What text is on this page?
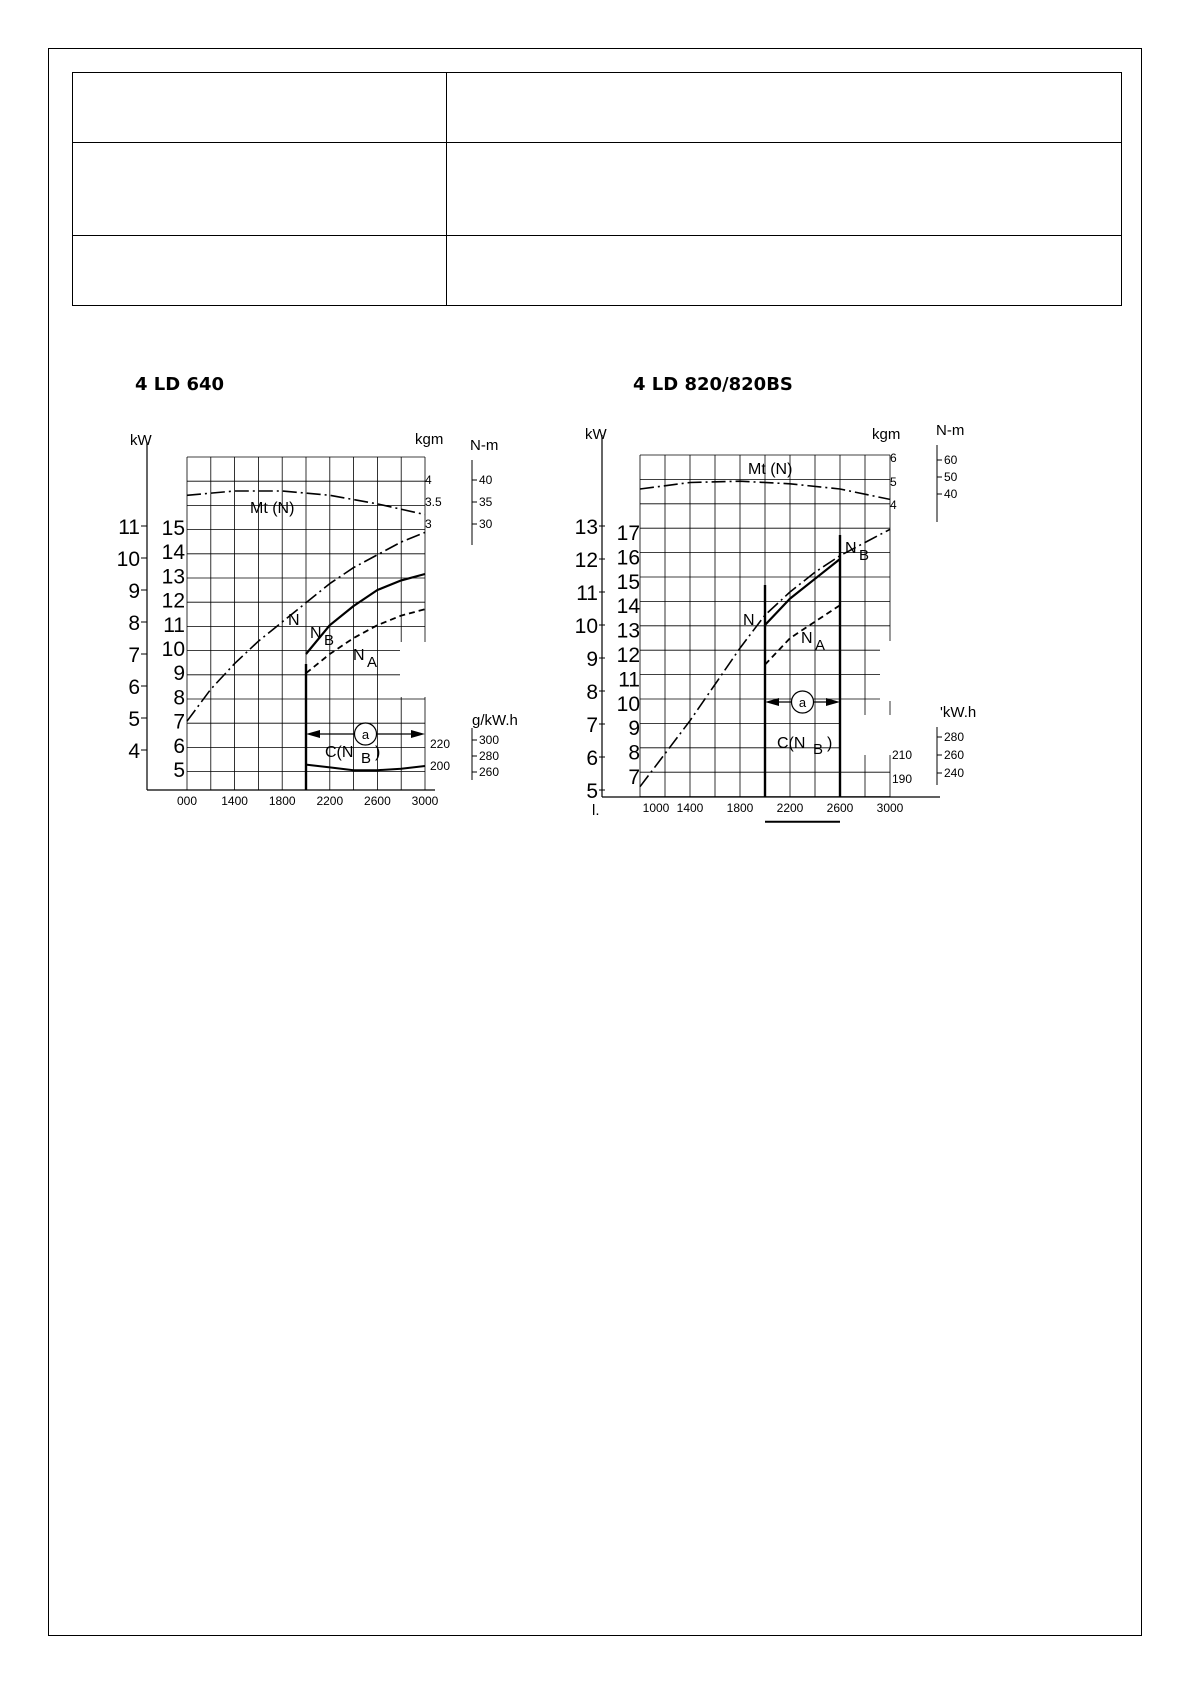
4 LD 640	4 LD 820/820BS
kW	kgm N-m
g/kW.h
4
5
6
7
8
9
10
11
5
6
7
8
9
10
11
12
13
14
15
4
3.5
3
40
35
30
220
200
300
280
260
000 1400 1800 2200 2600 3000
a
Mt (N)
N
N B
N A
C(N B )
kW	kgm N-m
'kW.h
5
6
7
8
9
10
11
12
13
7
8
9
10
11
12
13
14
15
16
17
6
5
4
60
50
40
210
190
280
260
240
1000 1400 1800 2200 2600 3000
l.
a
Mt (N)
N
N B
N A
C(N B )
